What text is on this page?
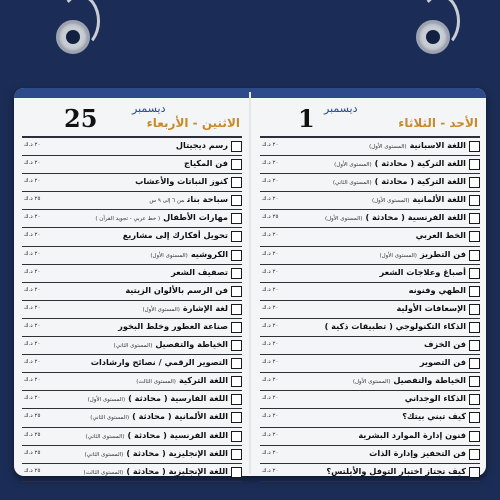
25	ديسمبر
الاثنين - الأربعاء
رسم ديجيتال
٢٠ د.ك
فن المكياج
٢٠ د.ك
كنوز النباتات والأعشاب
٢٠ د.ك
سباحة بناتمن ٦ إلى ٩ س
٢٥ د.ك
مهارات الأطفال( خط عربي - تجويد القرآن )
٢٠ د.ك
تحويل أفكارك إلى مشاريع
٢٠ د.ك
الكروشيه(المستوى الأول)
٢٠ د.ك
تصفيف الشعر
٢٠ د.ك
فن الرسم بالألوان الزيتية
٢٠ د.ك
لغة الإشارة(المستوى الأول)
٢٠ د.ك
صناعة العطور وخلط البخور
٢٠ د.ك
الخياطة والتفصيل(المستوى الثاني)
٢٠ د.ك
التصوير الرقمي / نصائح وارشادات
٢٠ د.ك
اللغة التركية(المستوى الثالث)
٢٠ د.ك
اللغة الفارسية ( محادثة )(المستوى الأول)
٢٠ د.ك
اللغة الألمانية ( محادثة )(المستوى الثاني)
٢٥ د.ك
اللغة الفرنسية ( محادثة )(المستوى الثاني)
٢٥ د.ك
اللغة الإنجليزية ( محادثة )(المستوى الثاني)
٢٥ د.ك
اللغة الإنجليزية ( محادثة )(المستوى الثالث)
٢٥ د.ك
1 ديسمبر
الأحد - الثلاثاء
اللغة الاسبانية(المستوى الأول)
٢٠ د.ك
اللغة التركية ( محادثة )(المستوى الأول)
٢٠ د.ك
اللغة التركية ( محادثة )(المستوى الثاني)
٢٠ د.ك
اللغة الألمانية(المستوى الأول)
٢٠ د.ك
اللغة الفرنسية ( محادثة )(المستوى الأول)
٢٥ د.ك
الخط العربي
٢٠ د.ك
فن التطريز(المستوى الأول)
٢٠ د.ك
أصباغ وعلاجات الشعر
٢٠ د.ك
الطهي وفنونه
٢٠ د.ك
الإسعافات الأولية
٢٠ د.ك
الذكاء التكنولوجي ( تطبيقات ذكية )
٢٠ د.ك
فن الخزف
٢٠ د.ك
فن التصوير
٢٠ د.ك
الخياطة والتفصيل(المستوى الأول)
٢٠ د.ك
الذكاء الوجداني
٢٠ د.ك
كيف تبني بيتك؟
٢٠ د.ك
فنون إدارة الموارد البشرية
٢٠ د.ك
فن التحفيز وإدارة الذات
٢٠ د.ك
كيف تجتاز اختبار التوفل والأيلتس؟
٢٠ د.ك
